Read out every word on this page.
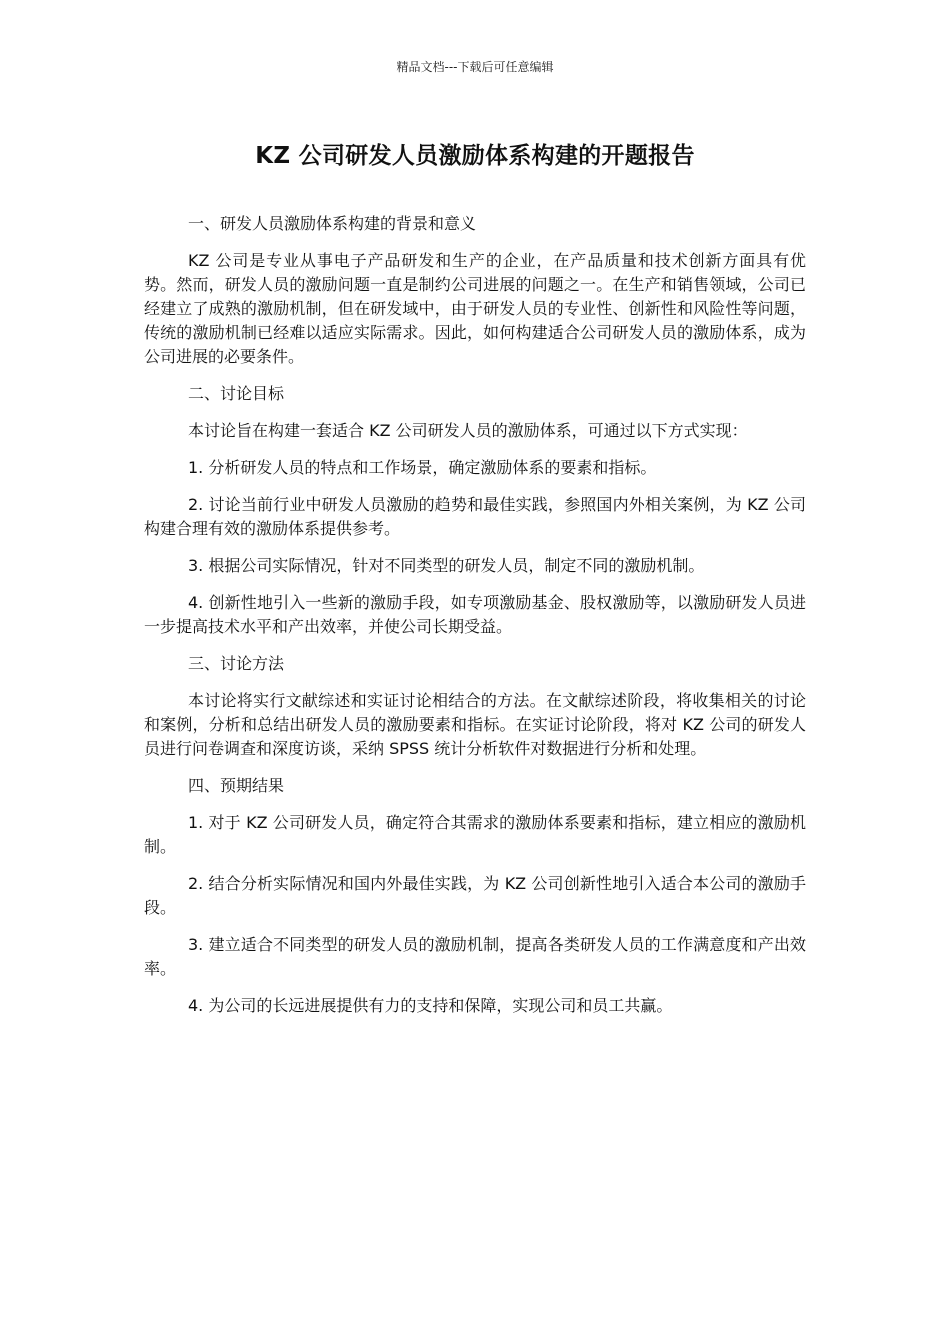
精品文档---下载后可任意编辑
KZ 公司研发人员激励体系构建的开题报告

一、研发人员激励体系构建的背景和意义

KZ 公司是专业从事电子产品研发和生产的企业，在产品质量和技术创新方面具有优势。然而，研发人员的激励问题一直是制约公司进展的问题之一。在生产和销售领域，公司已经建立了成熟的激励机制，但在研发域中，由于研发人员的专业性、创新性和风险性等问题，传统的激励机制已经难以适应实际需求。因此，如何构建适合公司研发人员的激励体系，成为公司进展的必要条件。

二、讨论目标

本讨论旨在构建一套适合 KZ 公司研发人员的激励体系，可通过以下方式实现：

1. 分析研发人员的特点和工作场景，确定激励体系的要素和指标。

2. 讨论当前行业中研发人员激励的趋势和最佳实践，参照国内外相关案例，为 KZ 公司构建合理有效的激励体系提供参考。

3. 根据公司实际情况，针对不同类型的研发人员，制定不同的激励机制。

4. 创新性地引入一些新的激励手段，如专项激励基金、股权激励等，以激励研发人员进一步提高技术水平和产出效率，并使公司长期受益。

三、讨论方法

本讨论将实行文献综述和实证讨论相结合的方法。在文献综述阶段，将收集相关的讨论和案例，分析和总结出研发人员的激励要素和指标。在实证讨论阶段，将对 KZ 公司的研发人员进行问卷调查和深度访谈，采纳 SPSS 统计分析软件对数据进行分析和处理。

四、预期结果

1. 对于 KZ 公司研发人员，确定符合其需求的激励体系要素和指标，建立相应的激励机制。

2. 结合分析实际情况和国内外最佳实践，为 KZ 公司创新性地引入适合本公司的激励手段。

3. 建立适合不同类型的研发人员的激励机制，提高各类研发人员的工作满意度和产出效率。

4. 为公司的长远进展提供有力的支持和保障，实现公司和员工共赢。
